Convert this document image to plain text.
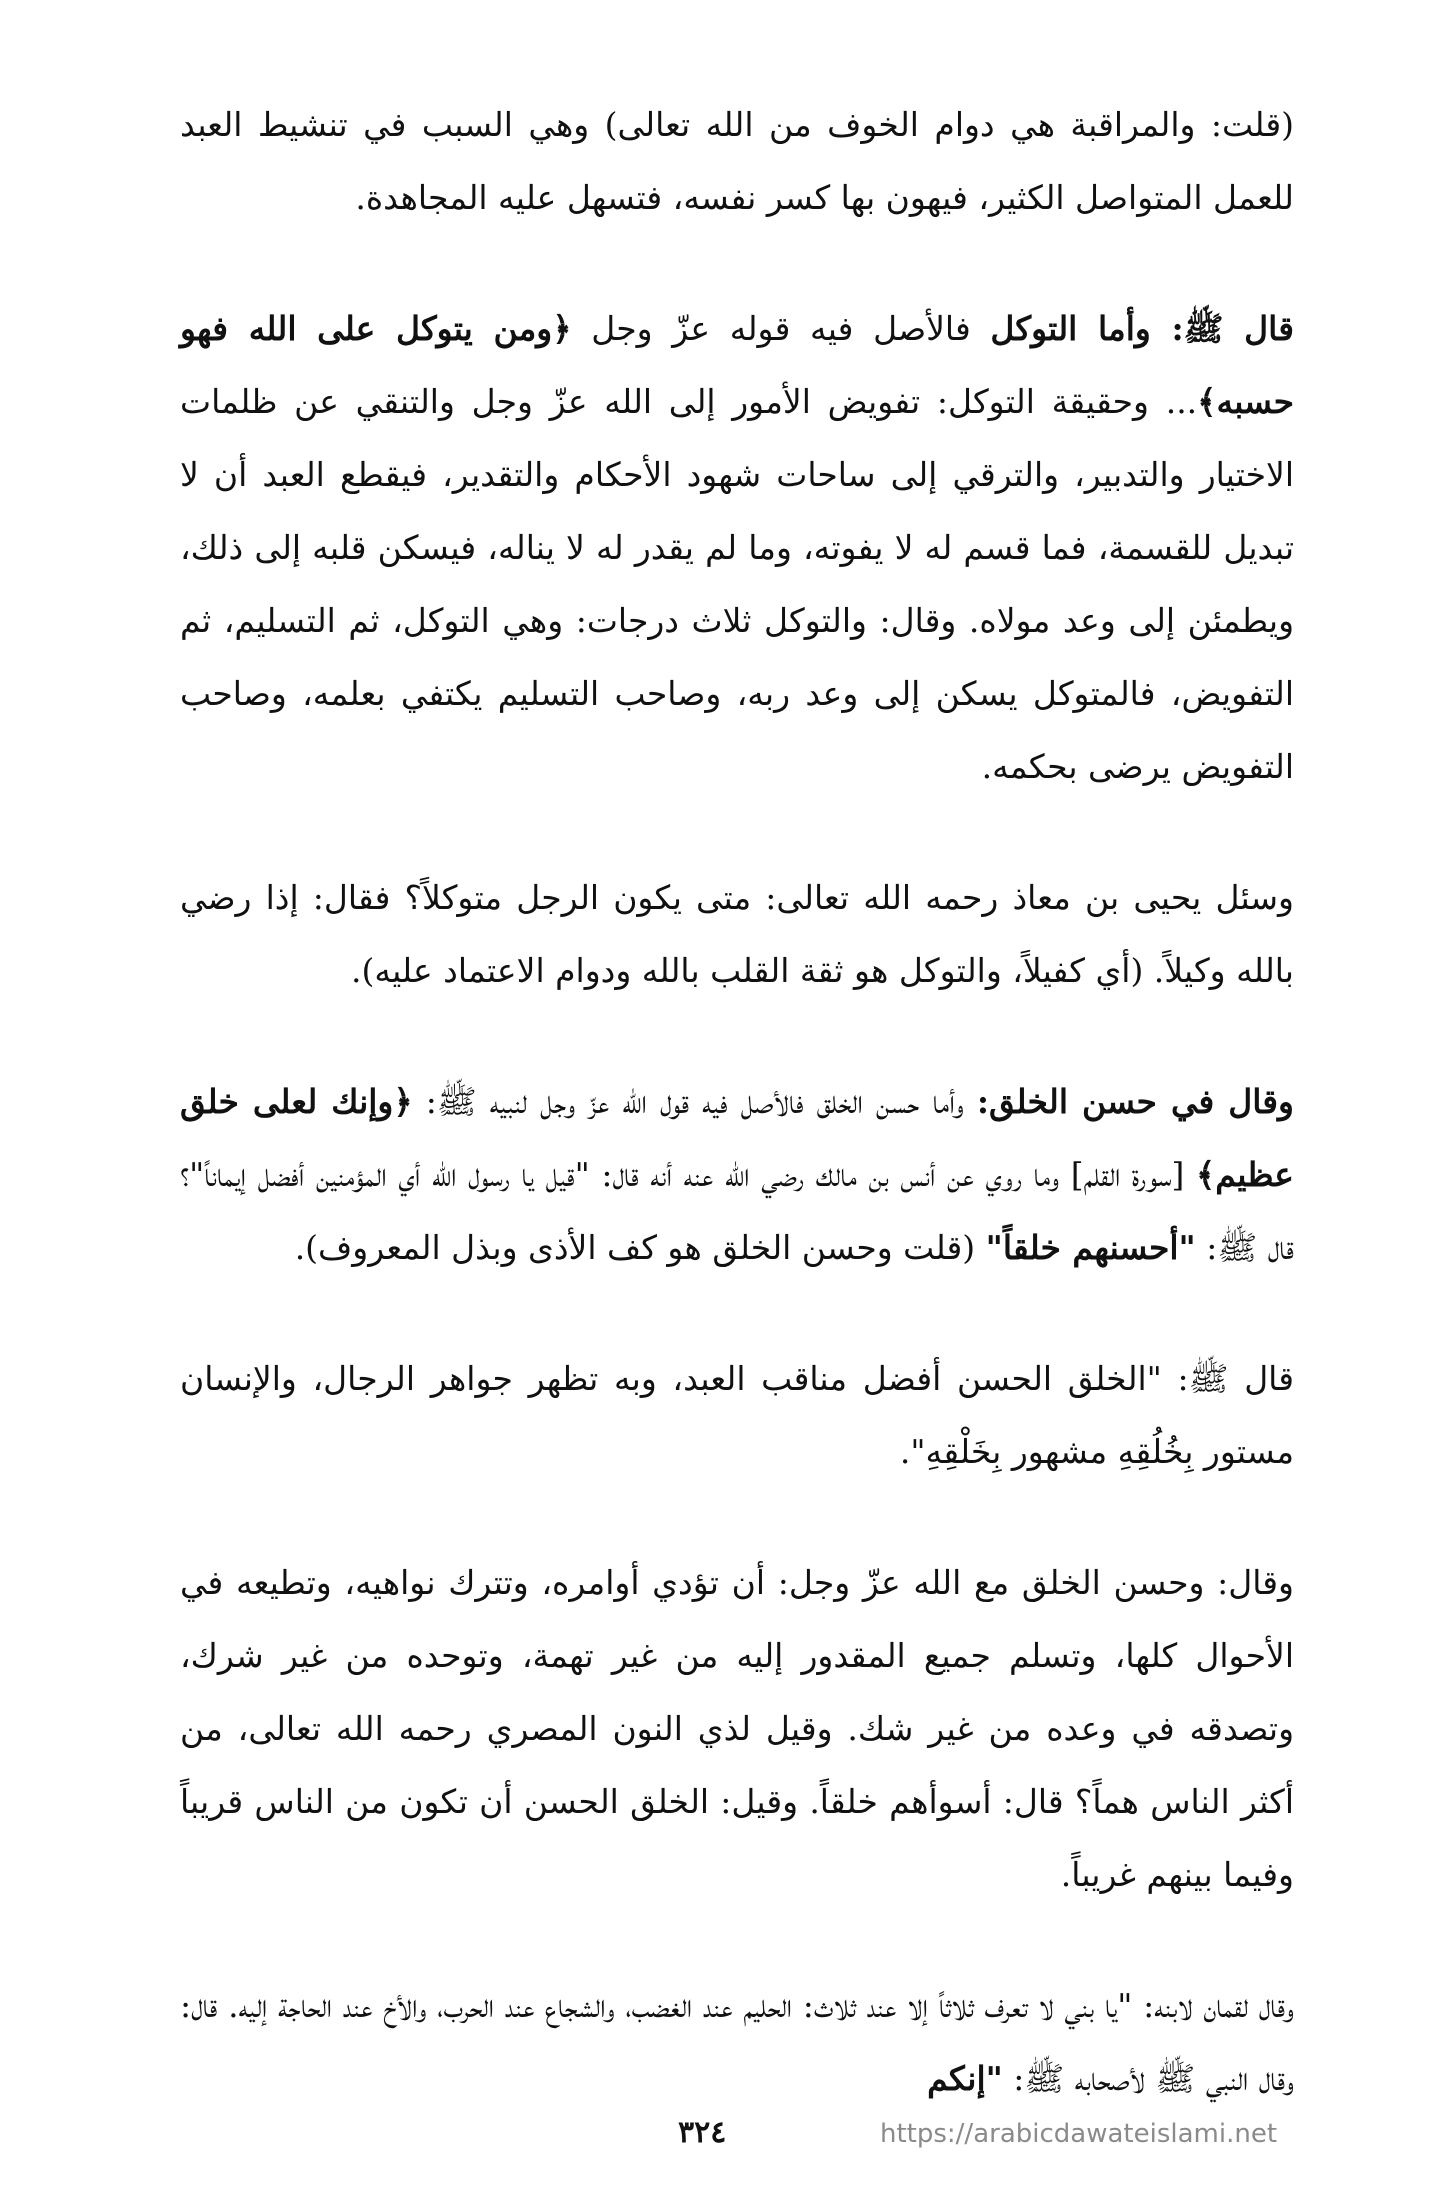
(قلت: والمراقبة هي دوام الخوف من الله تعالى) وهي السبب في تنشيط العبد للعمل المتواصل الكثير، فيهون بها كسر نفسه، فتسهل عليه المجاهدة.

قال ﷺ: وأما التوكل فالأصل فيه قوله عزّ وجل ﴿ومن يتوكل على الله فهو حسبه﴾... وحقيقة التوكل: تفويض الأمور إلى الله عزّ وجل والتنقي عن ظلمات الاختيار والتدبير، والترقي إلى ساحات شهود الأحكام والتقدير، فيقطع العبد أن لا تبديل للقسمة، فما قسم له لا يفوته، وما لم يقدر له لا يناله، فيسكن قلبه إلى ذلك، ويطمئن إلى وعد مولاه. وقال: والتوكل ثلاث درجات: وهي التوكل، ثم التسليم، ثم التفويض، فالمتوكل يسكن إلى وعد ربه، وصاحب التسليم يكتفي بعلمه، وصاحب التفويض يرضى بحكمه.

وسئل يحيى بن معاذ رحمه الله تعالى: متى يكون الرجل متوكلاً؟ فقال: إذا رضي بالله وكيلاً. (أي كفيلاً، والتوكل هو ثقة القلب بالله ودوام الاعتماد عليه).

وقال في حسن الخلق: وأما حسن الخلق فالأصل فيه قول الله عزّ وجل لنبيه ﷺ: ﴿وإنك لعلى خلق عظيم﴾ [سورة القلم] وما روي عن أنس بن مالك رضي الله عنه أنه قال: "قيل يا رسول الله أي المؤمنين أفضل إيماناً"؟ قال ﷺ: "أحسنهم خلقاً" (قلت وحسن الخلق هو كف الأذى وبذل المعروف).

قال ﷺ: "الخلق الحسن أفضل مناقب العبد، وبه تظهر جواهر الرجال، والإنسان مستور بِخُلُقِهِ مشهور بِخَلْقِهِ".

وقال: وحسن الخلق مع الله عزّ وجل: أن تؤدي أوامره، وتترك نواهيه، وتطيعه في الأحوال كلها، وتسلم جميع المقدور إليه من غير تهمة، وتوحده من غير شرك، وتصدقه في وعده من غير شك. وقيل لذي النون المصري رحمه الله تعالى، من أكثر الناس هماً؟ قال: أسوأهم خلقاً. وقيل: الخلق الحسن أن تكون من الناس قريباً وفيما بينهم غريباً.

وقال لقمان لابنه: "يا بني لا تعرف ثلاثاً إلا عند ثلاث: الحليم عند الغضب، والشجاع عند الحرب، والأخ عند الحاجة إليه. قال: وقال النبي ﷺ لأصحابه ﷺ: "إنكم

٣٢٤	https://arabicdawateislami.net
